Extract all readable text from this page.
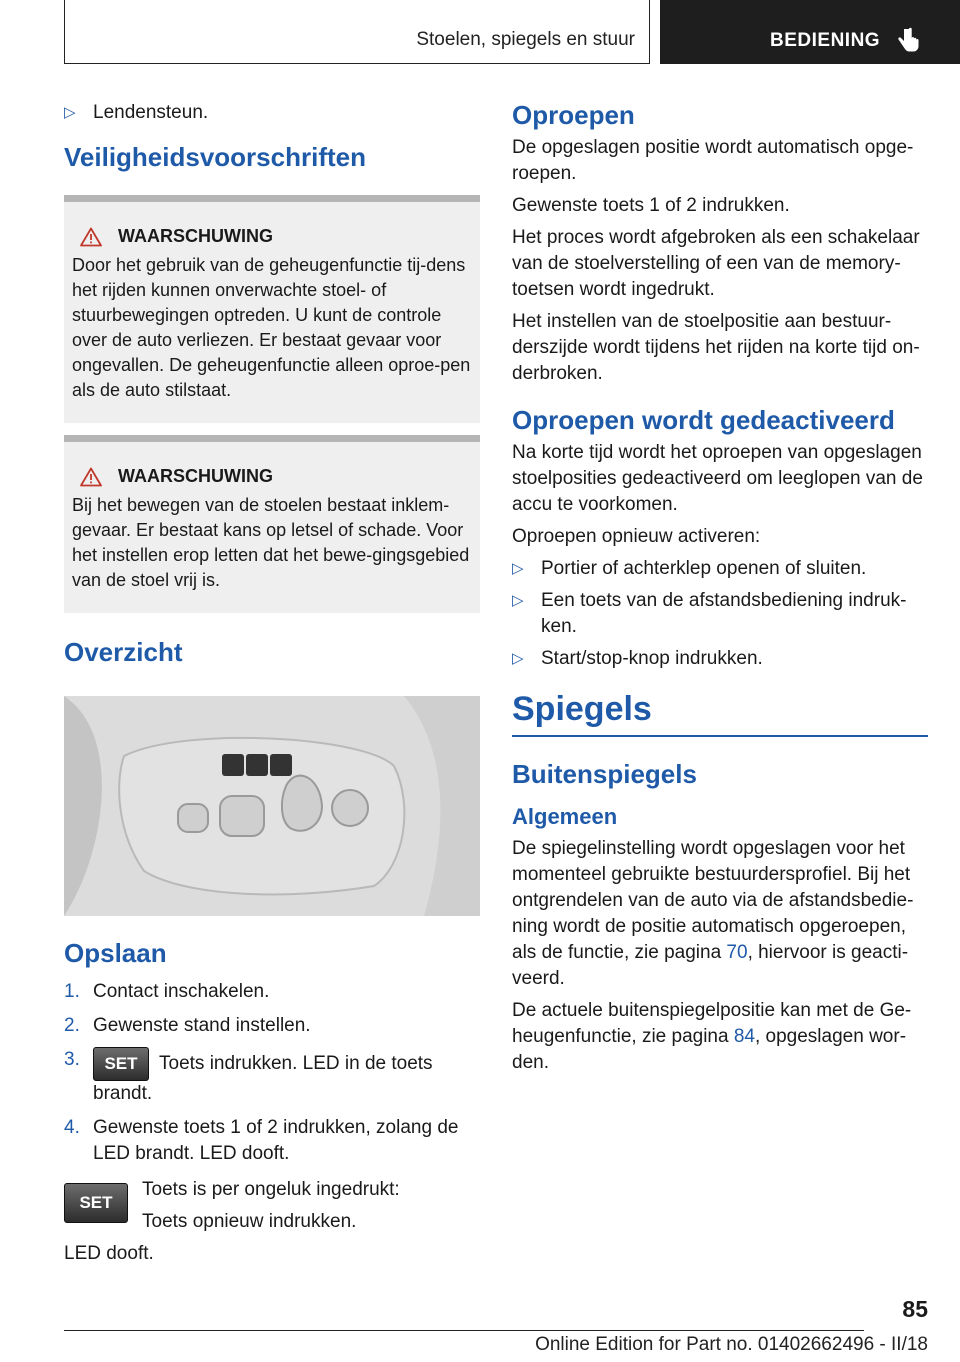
Stoelen, spiegels en stuur	BEDIENING
▷ Lendensteun.
Veiligheidsvoorschriften
WAARSCHUWING

Door het gebruik van de geheugenfunctie tij-dens het rijden kunnen onverwachte stoel- of stuurbewegingen optreden. U kunt de controle over de auto verliezen. Er bestaat gevaar voor ongevallen. De geheugenfunctie alleen oproe-pen als de auto stilstaat.

WAARSCHUWING

Bij het bewegen van de stoelen bestaat inklem-gevaar. Er bestaat kans op letsel of schade. Voor het instellen erop letten dat het bewe-gingsgebied van de stoel vrij is.

Overzicht
Opslaan
1. Contact inschakelen.
2. Gewenste stand instellen.
3. SET Toets indrukken. LED in de toets brandt.
4. Gewenste toets 1 of 2 indrukken, zolang de LED brandt. LED dooft.
SET

Toets is per ongeluk ingedrukt:

Toets opnieuw indrukken.

LED dooft.

Oproepen

De opgeslagen positie wordt automatisch opge-roepen.

Gewenste toets 1 of 2 indrukken.

Het proces wordt afgebroken als een schakelaar van de stoelverstelling of een van de memory-toetsen wordt ingedrukt.

Het instellen van de stoelpositie aan bestuur-derszijde wordt tijdens het rijden na korte tijd on-derbroken.

Oproepen wordt gedeactiveerd

Na korte tijd wordt het oproepen van opgeslagen stoelposities gedeactiveerd om leeglopen van de accu te voorkomen.

Oproepen opnieuw activeren:

▷ Portier of achterklep openen of sluiten.
▷ Een toets van de afstandsbediening indruk-ken.
▷ Start/stop-knop indrukken.
Spiegels
Buitenspiegels
Algemeen

De spiegelinstelling wordt opgeslagen voor het momenteel gebruikte bestuurdersprofiel. Bij het ontgrendelen van de auto via de afstandsbedie-ning wordt de positie automatisch opgeroepen, als de functie, zie pagina 70, hiervoor is geacti-veerd.

De actuele buitenspiegelpositie kan met de Ge-heugenfunctie, zie pagina 84, opgeslagen wor-den.

85
Online Edition for Part no. 01402662496 - II/18
